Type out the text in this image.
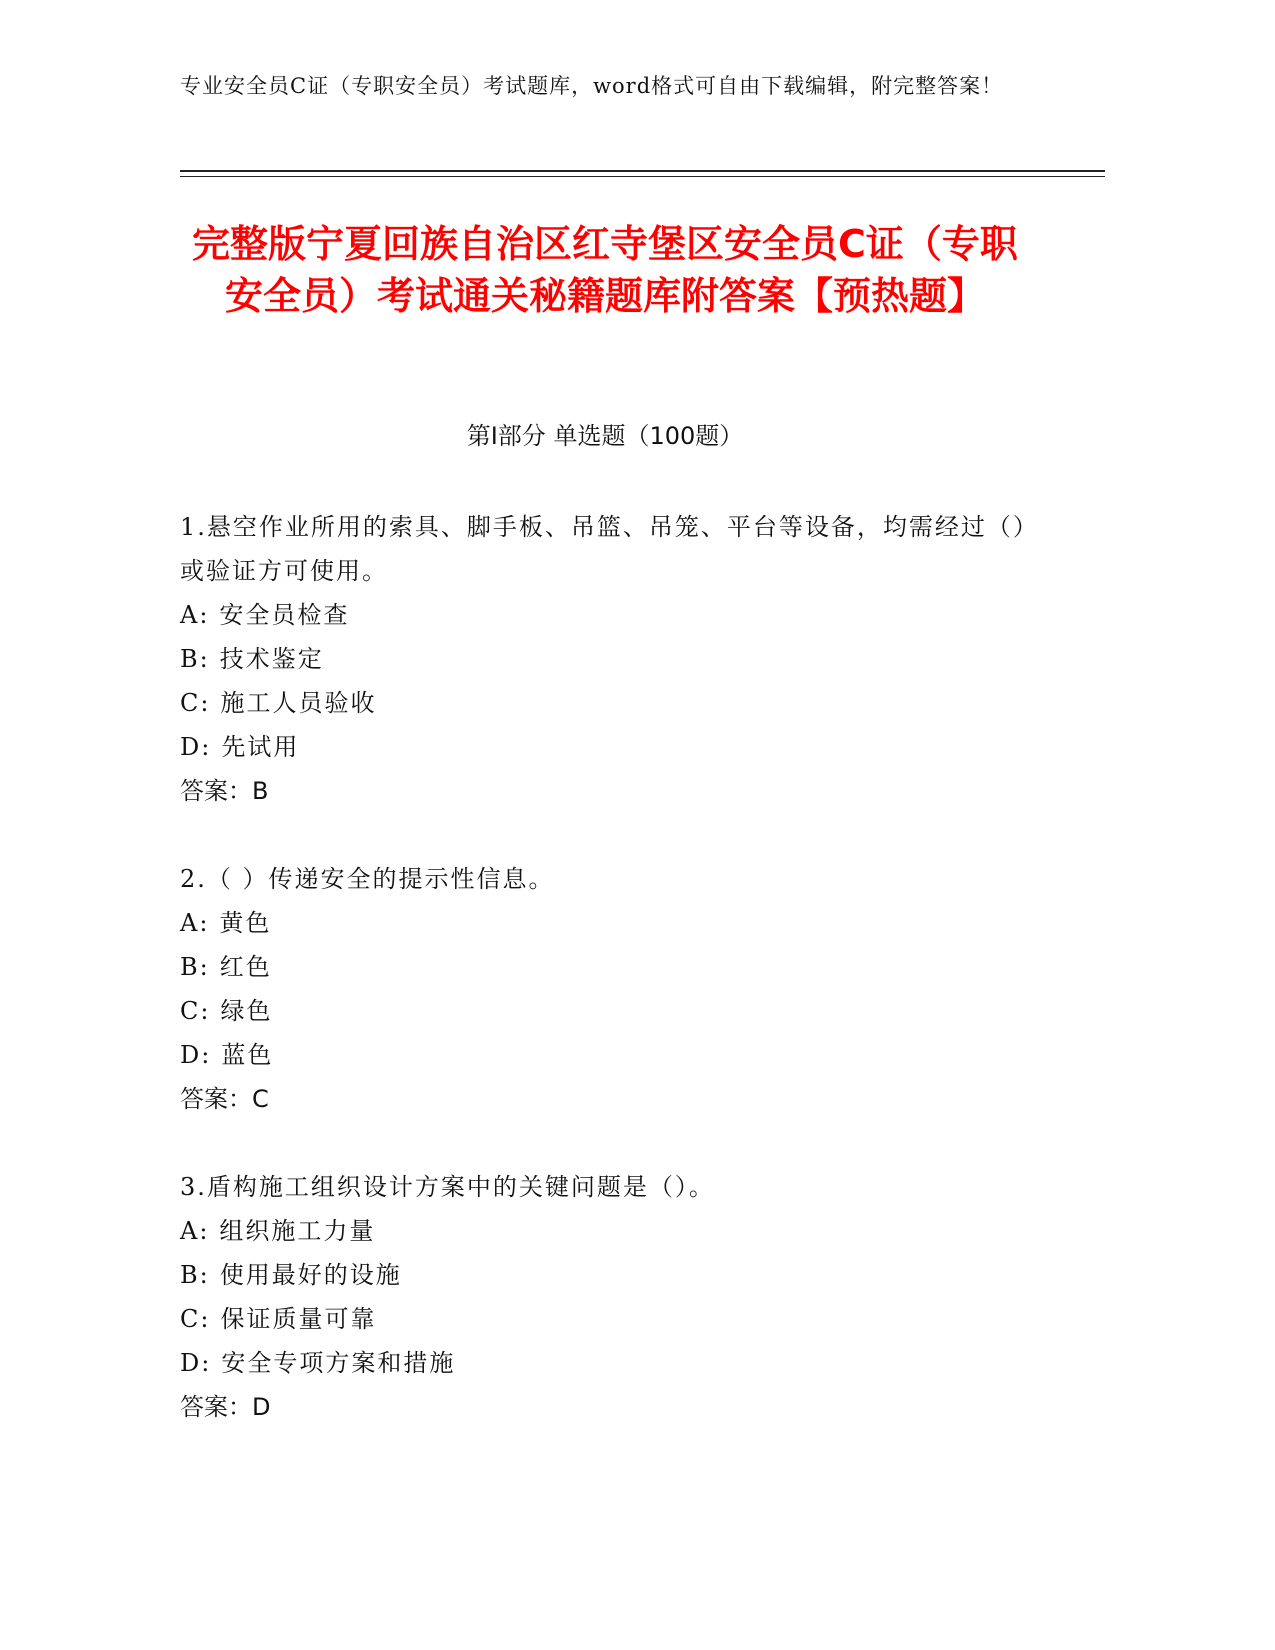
专业安全员C证（专职安全员）考试题库，word格式可自由下载编辑，附完整答案！
完整版宁夏回族自治区红寺堡区安全员C证（专职安全员）考试通关秘籍题库附答案【预热题】
第I部分 单选题（100题）
1.悬空作业所用的索具、脚手板、吊篮、吊笼、平台等设备，均需经过（）或验证方可使用。
A: 安全员检查
B: 技术鉴定
C: 施工人员验收
D: 先试用
答案：B
2.（ ）传递安全的提示性信息。
A: 黄色
B: 红色
C: 绿色
D: 蓝色
答案：C
3.盾构施工组织设计方案中的关键问题是（）。
A: 组织施工力量
B: 使用最好的设施
C: 保证质量可靠
D: 安全专项方案和措施
答案：D
